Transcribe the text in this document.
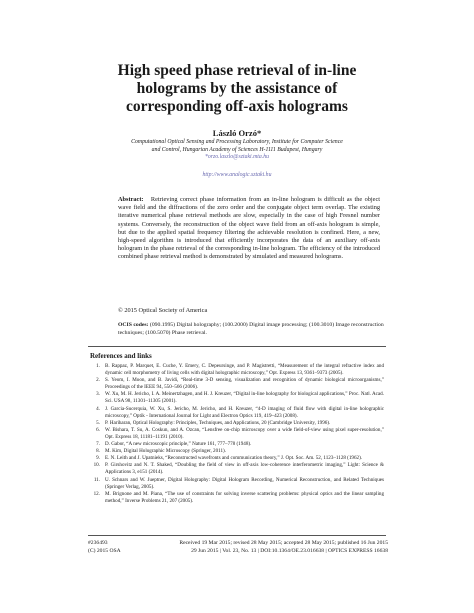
High speed phase retrieval of in-line
holograms by the assistance of
corresponding off-axis holograms
László Orzó*
Computational Optical Sensing and Processing Laboratory, Institute for Computer Science
and Control, Hungarian Academy of Sciences H-1111 Budapest, Hungary
*orzo.laszlo@sztaki.mta.hu
http://www.analogic.sztaki.hu
Abstract: Retrieving correct phase information from an in-line hologram is difficult as the object wave field and the diffractions of the zero order and the conjugate object term overlap. The existing iterative numerical phase retrieval methods are slow, especially in the case of high Fresnel number systems. Conversely, the reconstruction of the object wave field from an off-axis hologram is simple, but due to the applied spatial frequency filtering the achievable resolution is confined. Here, a new, high-speed algorithm is introduced that efficiently incorporates the data of an auxiliary off-axis hologram in the phase retrieval of the corresponding in-line hologram. The efficiency of the introduced combined phase retrieval method is demonstrated by simulated and measured holograms.
© 2015 Optical Society of America
OCIS codes: (090.1995) Digital holography; (100.2000) Digital image processing; (100.3010) Image reconstruction techniques; (100.5070) Phase retrieval.
References and links
1. B. Rappaz, P. Marquet, E. Cuche, Y. Emery, C. Depeursinge, and P. Magistretti, “Measurement of the integral refractive index and dynamic cell morphometry of living cells with digital holographic microscopy,” Opt. Express 13, 9361–9373 (2005).
2. S. Yeom, I. Moon, and B. Javidi, “Real-time 3-D sensing, visualization and recognition of dynamic biological microorganisms,” Proceedings of the IEEE 94, 550–566 (2006).
3. W. Xu, M. H. Jericho, I. A. Meinertzhagen, and H. J. Kreuzer, “Digital in-line holography for biological applications,” Proc. Natl. Acad. Sci. USA 98, 11301–11305 (2001).
4. J. Garcia-Sucerquia, W. Xu, S. Jericho, M. Jericho, and H. Kreuzer, “4-D imaging of fluid flow with digital in-line holographic microscopy,” Optik - International Journal for Light and Electron Optics 119, 419–423 (2008).
5. P. Hariharan, Optical Holography: Principles, Techniques, and Applications, 20 (Cambridge University, 1996).
6. W. Bishara, T. Su, A. Coskun, and A. Ozcan, “Lensfree on-chip microscopy over a wide field-of-view using pixel super-resolution,” Opt. Express 18, 11181–11191 (2010).
7. D. Gabor, “A new microscopic principle,” Nature 161, 777–778 (1948).
8. M. Kim, Digital Holographic Microscopy (Springer, 2011).
9. E. N. Leith and J. Upatnieks, “Reconstructed wavefronts and communication theory,” J. Opt. Soc. Am. 52, 1123–1128 (1962).
10. P. Girshovitz and N. T. Shaked, “Doubling the field of view in off-axis low-coherence interferometric imaging,” Light: Science & Applications 3, e151 (2014).
11. U. Schnars and W. Jueptner, Digital Holography: Digital Hologram Recording, Numerical Reconstruction, and Related Techniques (Springer Verlag, 2005).
12. M. Brignone and M. Piana, “The use of constraints for solving inverse scattering problems: physical optics and the linear sampling method,” Inverse Problems 21, 207 (2005).
#236493
(C) 2015 OSA
Received 19 Mar 2015; revised 28 May 2015; accepted 28 May 2015; published 16 Jun 2015
29 Jun 2015 | Vol. 23, No. 13 | DOI:10.1364/OE.23.016638 | OPTICS EXPRESS 16638
